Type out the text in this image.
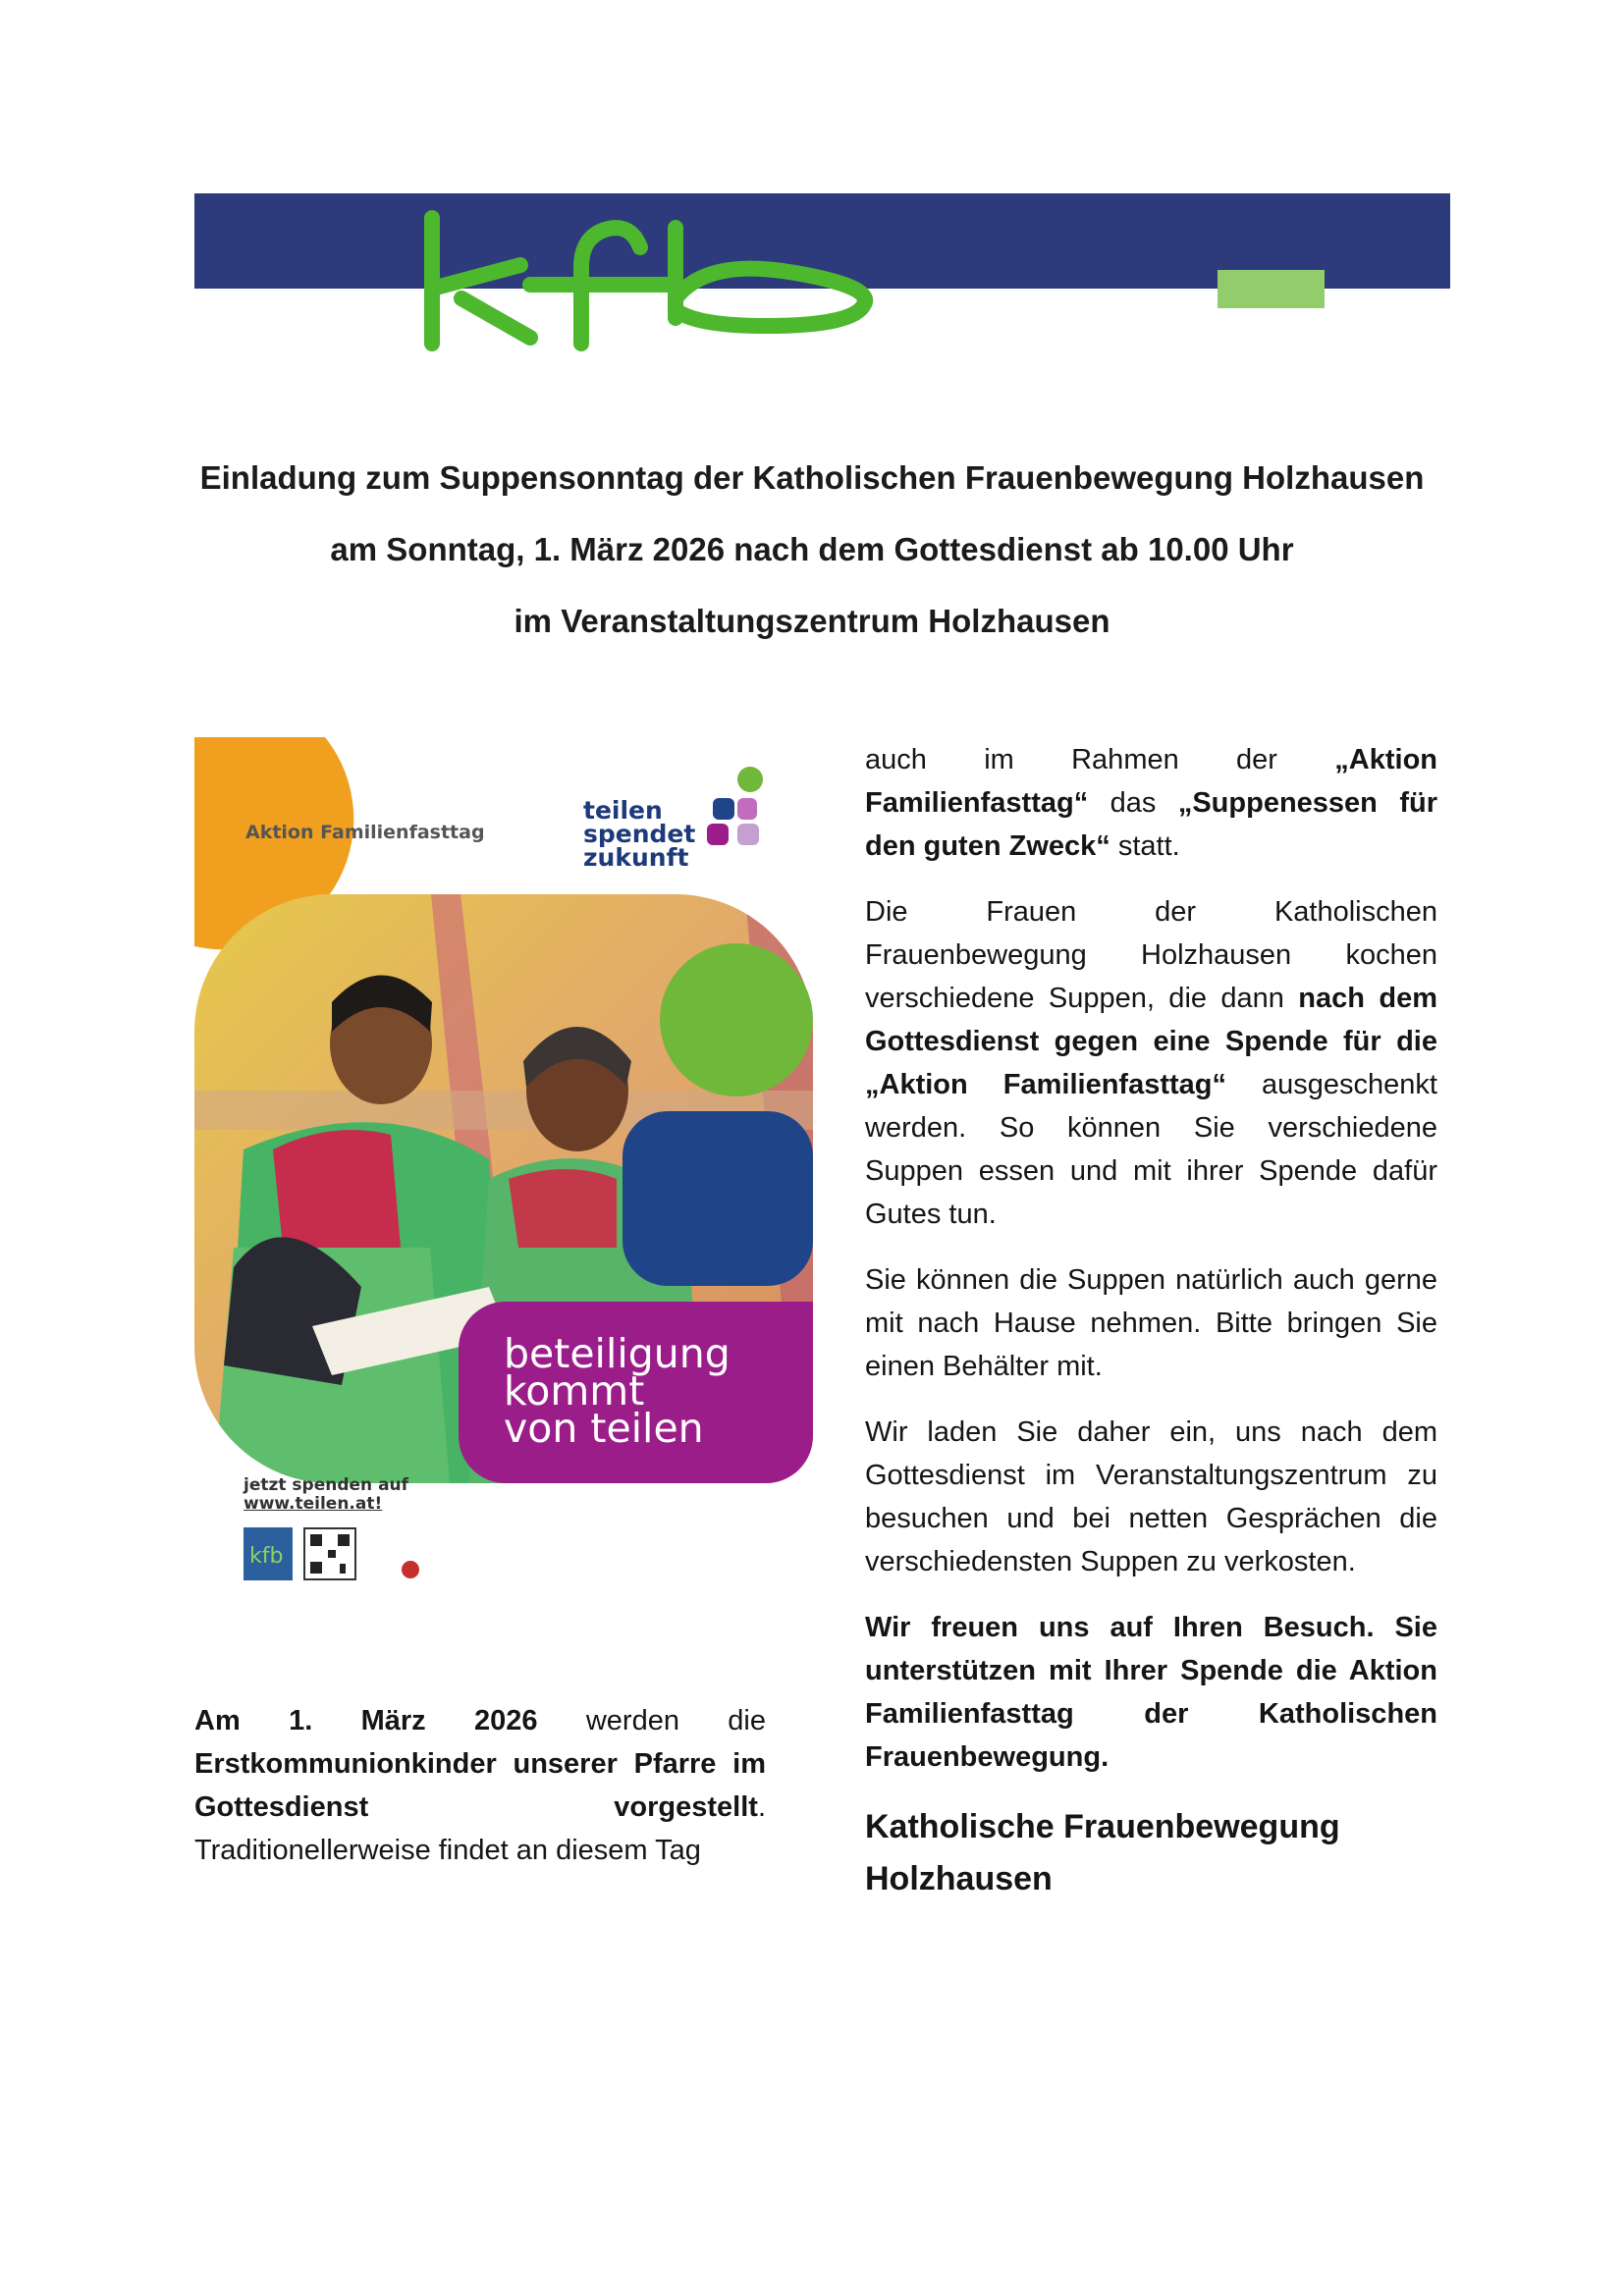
Einladung zum Suppensonntag der Katholischen Frauenbewegung Holzhausen
am Sonntag, 1. März 2026 nach dem Gottesdienst ab 10.00 Uhr
im Veranstaltungszentrum Holzhausen
kfb
Aktion Familienfasttag
teilen
spendet
zukunft
beteiligung
kommt
von teilen
jetzt spenden auf
www.teilen.at!

Am 1. März 2026 werden die Erstkommunionkinder unserer Pfarre im Gottesdienst vorgestellt. Traditionellerweise findet an diesem Tag

auch im Rahmen der „Aktion Familienfasttag“ das „Suppenessen für den guten Zweck“ statt.

Die Frauen der Katholischen Frauenbewegung Holzhausen kochen verschiedene Suppen, die dann nach dem Gottesdienst gegen eine Spende für die „Aktion Familienfasttag“ ausgeschenkt werden. So können Sie verschiedene Suppen essen und mit ihrer Spende dafür Gutes tun.

Sie können die Suppen natürlich auch gerne mit nach Hause nehmen. Bitte bringen Sie einen Behälter mit.

Wir laden Sie daher ein, uns nach dem Gottesdienst im Veranstaltungszentrum zu besuchen und bei netten Gesprächen die verschiedensten Suppen zu verkosten.

Wir freuen uns auf Ihren Besuch. Sie unterstützen mit Ihrer Spende die Aktion Familienfasttag der Katholischen Frauenbewegung.

Katholische Frauenbewegung
Holzhausen
